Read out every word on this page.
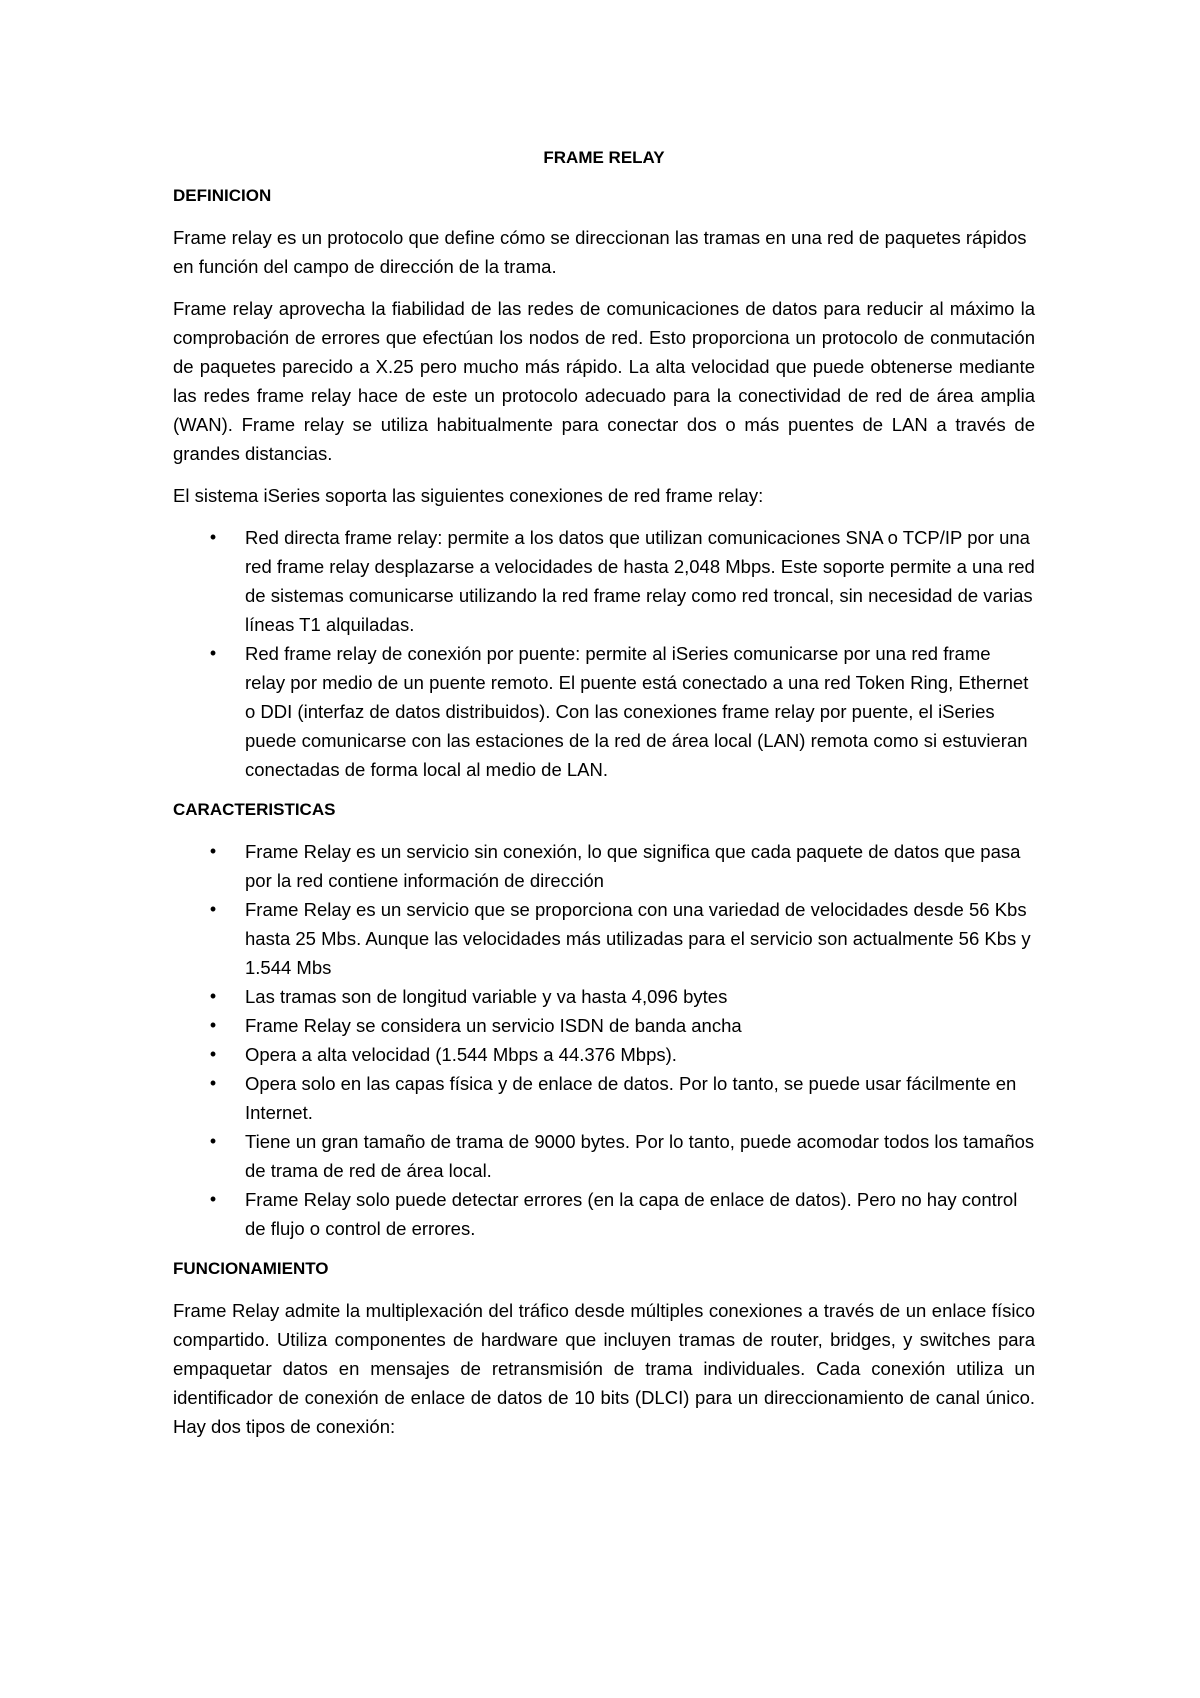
FRAME RELAY
DEFINICION

Frame relay es un protocolo que define cómo se direccionan las tramas en una red de paquetes rápidos en función del campo de dirección de la trama.

Frame relay aprovecha la fiabilidad de las redes de comunicaciones de datos para reducir al máximo la comprobación de errores que efectúan los nodos de red. Esto proporciona un protocolo de conmutación de paquetes parecido a X.25 pero mucho más rápido. La alta velocidad que puede obtenerse mediante las redes frame relay hace de este un protocolo adecuado para la conectividad de red de área amplia (WAN). Frame relay se utiliza habitualmente para conectar dos o más puentes de LAN a través de grandes distancias.

El sistema iSeries soporta las siguientes conexiones de red frame relay:

•	Red directa frame relay: permite a los datos que utilizan comunicaciones SNA o TCP/IP por una red frame relay desplazarse a velocidades de hasta 2,048 Mbps. Este soporte permite a una red de sistemas comunicarse utilizando la red frame relay como red troncal, sin necesidad de varias líneas T1 alquiladas.
•	Red frame relay de conexión por puente: permite al iSeries comunicarse por una red frame relay por medio de un puente remoto. El puente está conectado a una red Token Ring, Ethernet o DDI (interfaz de datos distribuidos). Con las conexiones frame relay por puente, el iSeries puede comunicarse con las estaciones de la red de área local (LAN) remota como si estuvieran conectadas de forma local al medio de LAN.
CARACTERISTICAS
•	Frame Relay es un servicio sin conexión, lo que significa que cada paquete de datos que pasa por la red contiene información de dirección
•	Frame Relay es un servicio que se proporciona con una variedad de velocidades desde 56 Kbs hasta 25 Mbs. Aunque las velocidades más utilizadas para el servicio son actualmente 56 Kbs y 1.544 Mbs
•	Las tramas son de longitud variable y va hasta 4,096 bytes
•	Frame Relay se considera un servicio ISDN de banda ancha
•	Opera a alta velocidad (1.544 Mbps a 44.376 Mbps).
•	Opera solo en las capas física y de enlace de datos. Por lo tanto, se puede usar fácilmente en Internet.
•	Tiene un gran tamaño de trama de 9000 bytes. Por lo tanto, puede acomodar todos los tamaños de trama de red de área local.
•	Frame Relay solo puede detectar errores (en la capa de enlace de datos). Pero no hay control de flujo o control de errores.
FUNCIONAMIENTO

Frame Relay admite la multiplexación del tráfico desde múltiples conexiones a través de un enlace físico compartido. Utiliza componentes de hardware que incluyen tramas de router, bridges, y switches para empaquetar datos en mensajes de retransmisión de trama individuales. Cada conexión utiliza un identificador de conexión de enlace de datos de 10 bits (DLCI) para un direccionamiento de canal único. Hay dos tipos de conexión:
